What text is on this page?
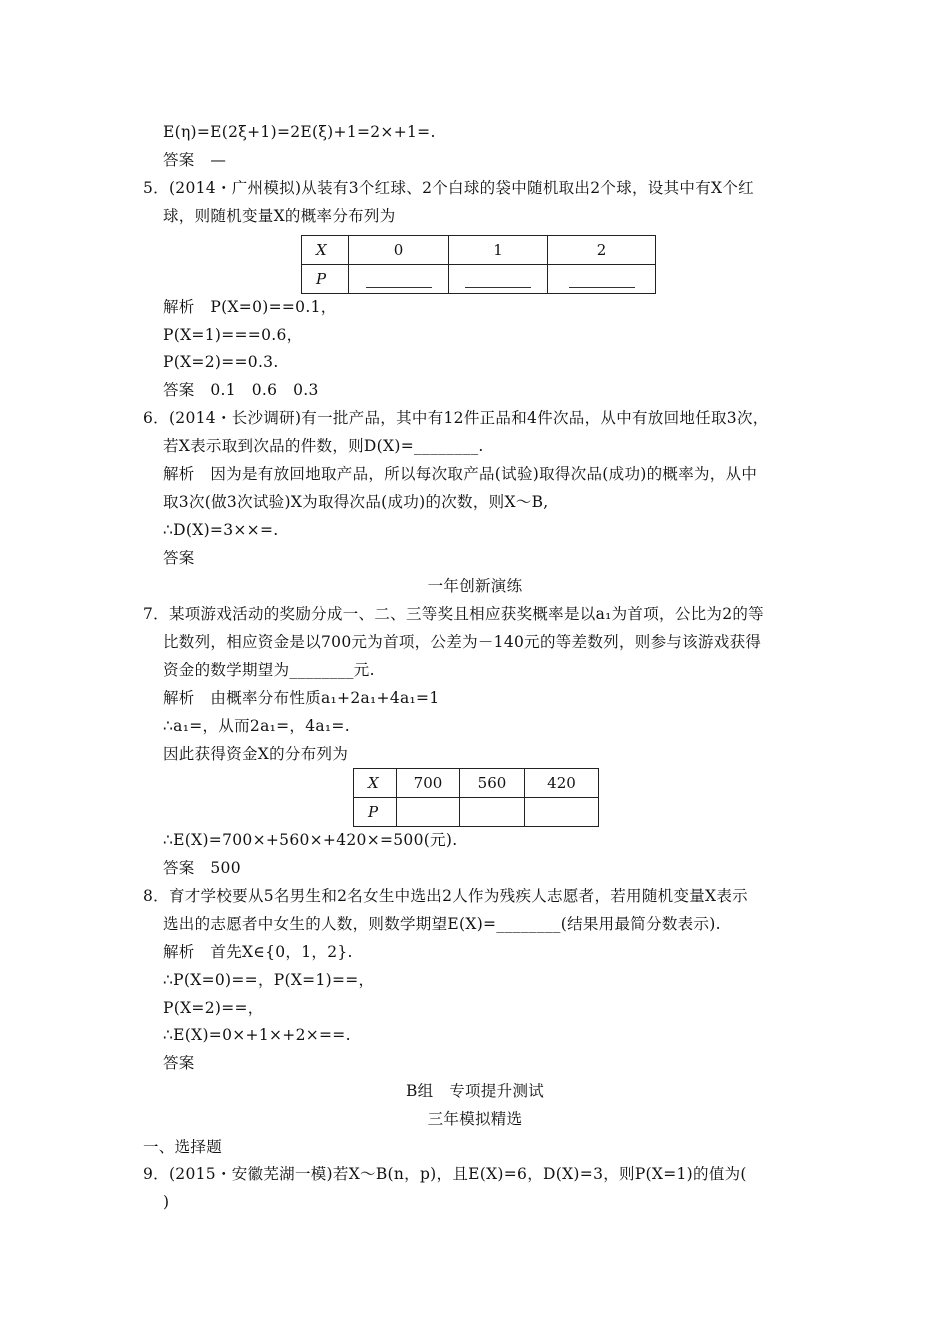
E(η)=E(2ξ+1)=2E(ξ)+1=2×+1=.
答案　—
5．(2014・广州模拟)从装有3个红球、2个白球的袋中随机取出2个球，设其中有X个红
球，则随机变量X的概率分布列为
X	0	1	2
P			
解析　P(X=0)==0.1，
P(X=1)===0.6，
P(X=2)==0.3.
答案　0.1　0.6　0.3
6．(2014・长沙调研)有一批产品，其中有12件正品和4件次品，从中有放回地任取3次，
若X表示取到次品的件数，则D(X)=________.
解析　因为是有放回地取产品，所以每次取产品(试验)取得次品(成功)的概率为，从中
取3次(做3次试验)X为取得次品(成功)的次数，则X～B,
∴D(X)=3××=.
答案
一年创新演练
7．某项游戏活动的奖励分成一、二、三等奖且相应获奖概率是以a₁为首项，公比为2的等
比数列，相应资金是以700元为首项，公差为－140元的等差数列，则参与该游戏获得
资金的数学期望为________元.
解析　由概率分布性质a₁+2a₁+4a₁=1
∴a₁=，从而2a₁=，4a₁=.
因此获得资金X的分布列为
X	700	560	420
P			
∴E(X)=700×+560×+420×=500(元).
答案　500
8．育才学校要从5名男生和2名女生中选出2人作为残疾人志愿者，若用随机变量X表示
选出的志愿者中女生的人数，则数学期望E(X)=________(结果用最简分数表示).
解析　首先X∈{0，1，2}.
∴P(X=0)==，P(X=1)==，
P(X=2)==，
∴E(X)=0×+1×+2×==.
答案
B组　专项提升测试
三年模拟精选
一、选择题
9．(2015・安徽芜湖一模)若X～B(n，p)，且E(X)=6，D(X)=3，则P(X=1)的值为(
)
